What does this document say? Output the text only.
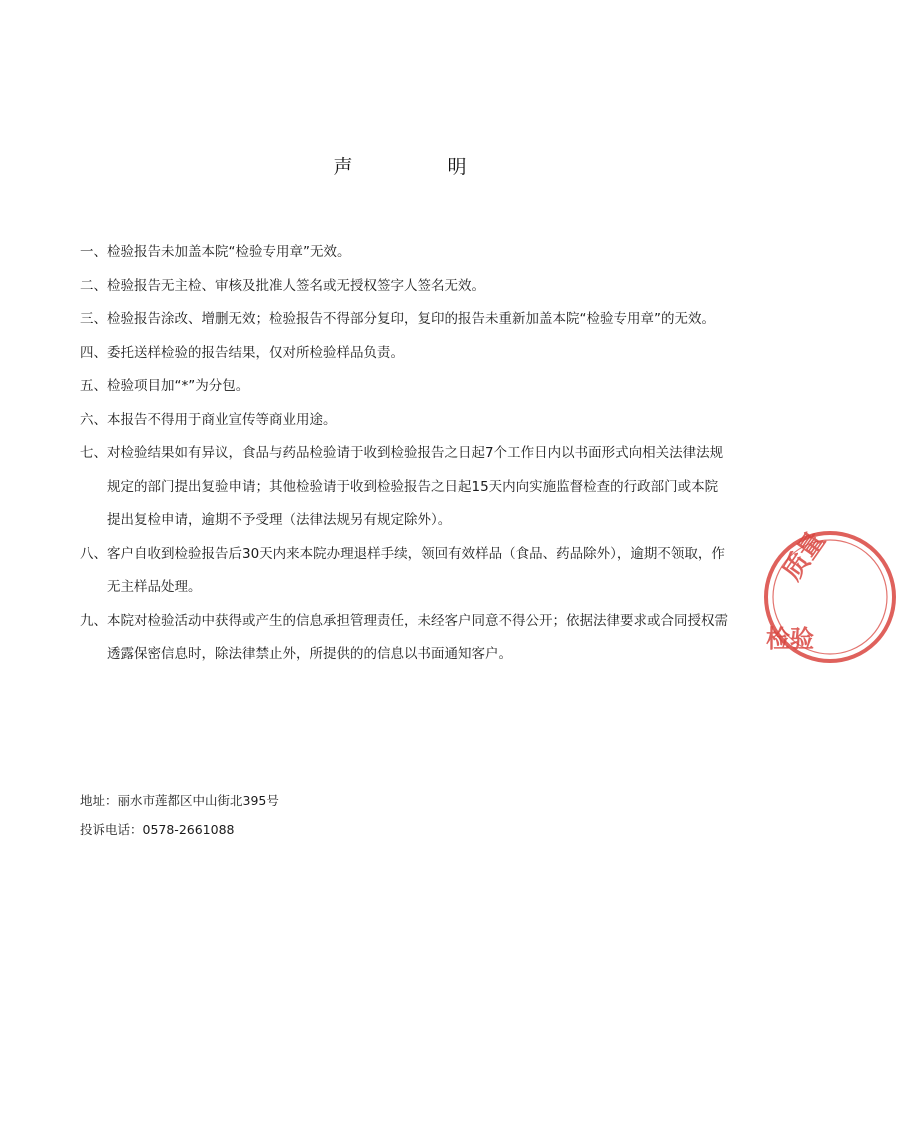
声　明

一、 检验报告未加盖本院“检验专用章”无效。

二、 检验报告无主检、审核及批准人签名或无授权签字人签名无效。

三、 检验报告涂改、增删无效；检验报告不得部分复印，复印的报告未重新加盖本院“检验专用章”的无效。

四、 委托送样检验的报告结果，仅对所检验样品负责。

五、 检验项目加“*”为分包。

六、 本报告不得用于商业宣传等商业用途。

七、 对检验结果如有异议，食品与药品检验请于收到检验报告之日起7个工作日内以书面形式向相关法律法规规定的部门提出复验申请；其他检验请于收到检验报告之日起15天内向实施监督检查的行政部门或本院提出复检申请，逾期不予受理（法律法规另有规定除外）。

八、 客户自收到检验报告后30天内来本院办理退样手续，领回有效样品（食品、药品除外），逾期不领取，作无主样品处理。

九、 本院对检验活动中获得或产生的信息承担管理责任，未经客户同意不得公开；依据法律要求或合同授权需透露保密信息时，除法律禁止外，所提供的的信息以书面通知客户。

地址：丽水市莲都区中山街北395号
投诉电话：0578-2661088
质量
检验
